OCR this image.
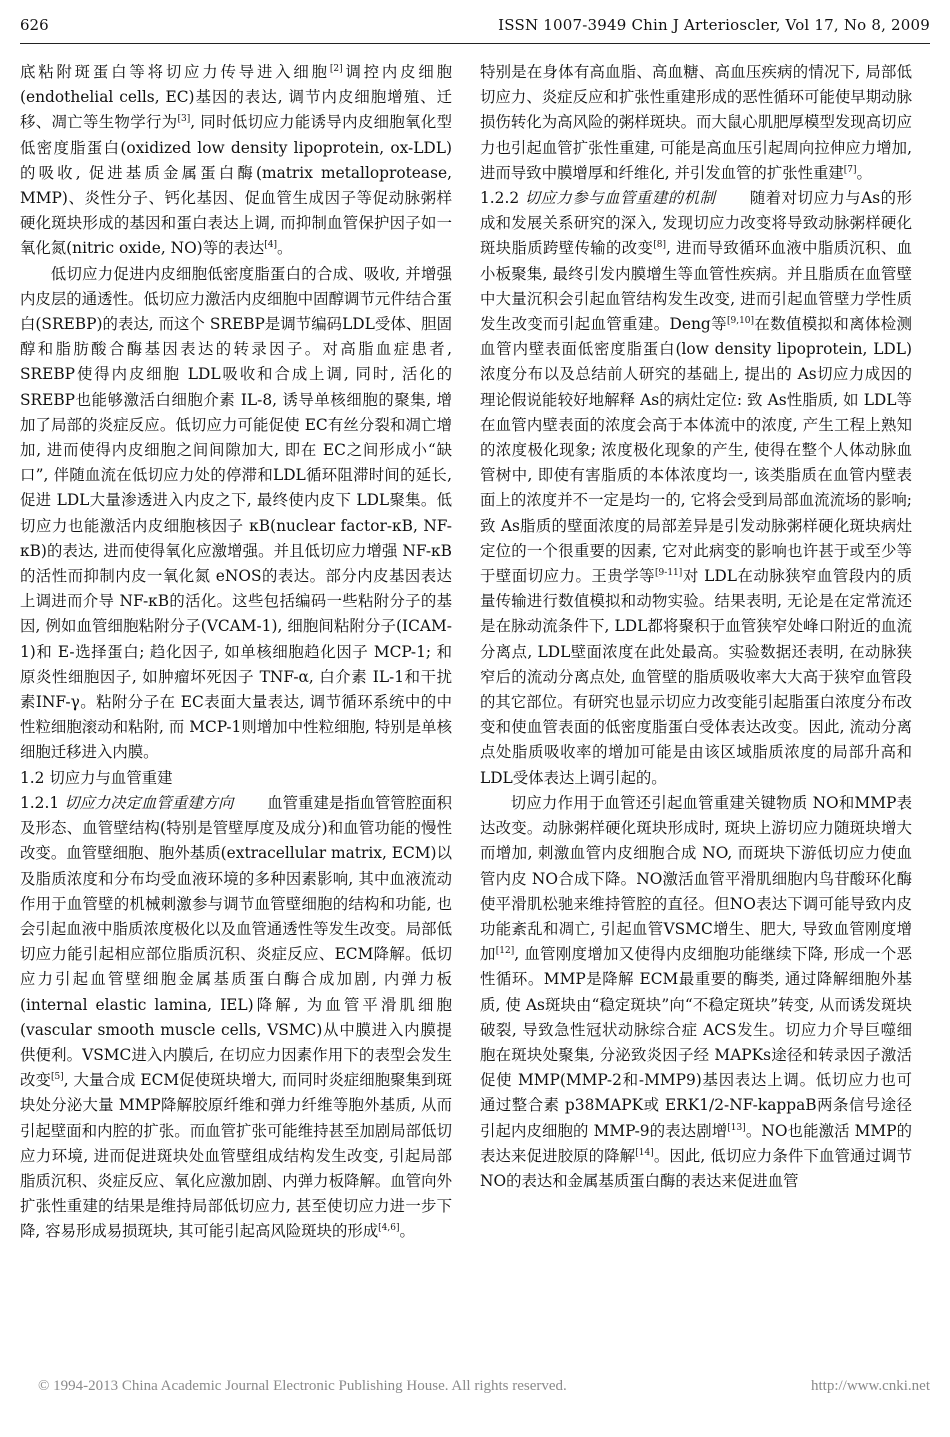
626	ISSN 1007-3949 Chin J Arterioscler, Vol 17, No 8, 2009

底粘附斑蛋白等将切应力传导进入细胞[2]调控内皮细胞(endothelial cells, EC)基因的表达, 调节内皮细胞增殖、迁移、凋亡等生物学行为[3], 同时低切应力能诱导内皮细胞氧化型低密度脂蛋白(oxidized low density lipoprotein, ox-LDL)的吸收, 促进基质金属蛋白酶(matrix metalloprotease, MMP)、炎性分子、钙化基因、促血管生成因子等促动脉粥样硬化斑块形成的基因和蛋白表达上调, 而抑制血管保护因子如一氧化氮(nitric oxide, NO)等的表达[4]。

低切应力促进内皮细胞低密度脂蛋白的合成、吸收, 并增强内皮层的通透性。低切应力激活内皮细胞中固醇调节元件结合蛋白(SREBP)的表达, 而这个 SREBP是调节编码LDL受体、胆固醇和脂肪酸合酶基因表达的转录因子。对高脂血症患者, SREBP使得内皮细胞 LDL吸收和合成上调, 同时, 活化的 SREBP也能够激活白细胞介素 IL-8, 诱导单核细胞的聚集, 增加了局部的炎症反应。低切应力可能促使 EC有丝分裂和凋亡增加, 进而使得内皮细胞之间间隙加大, 即在 EC之间形成小“缺口”, 伴随血流在低切应力处的停滞和LDL循环阻滞时间的延长, 促进 LDL大量渗透进入内皮之下, 最终使内皮下 LDL聚集。低切应力也能激活内皮细胞核因子 κB(nuclear factor-κB, NF-κB)的表达, 进而使得氧化应激增强。并且低切应力增强 NF-κB的活性而抑制内皮一氧化氮 eNOS的表达。部分内皮基因表达上调进而介导 NF-κB的活化。这些包括编码一些粘附分子的基因, 例如血管细胞粘附分子(VCAM-1), 细胞间粘附分子(ICAM-1)和 E-选择蛋白; 趋化因子, 如单核细胞趋化因子 MCP-1; 和原炎性细胞因子, 如肿瘤坏死因子 TNF-α, 白介素 IL-1和干扰素INF-γ。粘附分子在 EC表面大量表达, 调节循环系统中的中性粒细胞滚动和粘附, 而 MCP-1则增加中性粒细胞, 特别是单核细胞迁移进入内膜。

1.2 切应力与血管重建

1.2.1 切应力决定血管重建方向 血管重建是指血管管腔面积及形态、血管壁结构(特别是管壁厚度及成分)和血管功能的慢性改变。血管壁细胞、胞外基质(extracellular matrix, ECM)以及脂质浓度和分布均受血液环境的多种因素影响, 其中血液流动作用于血管壁的机械刺激参与调节血管壁细胞的结构和功能, 也会引起血液中脂质浓度极化以及血管通透性等发生改变。局部低切应力能引起相应部位脂质沉积、炎症反应、ECM降解。低切应力引起血管壁细胞金属基质蛋白酶合成加剧, 内弹力板(internal elastic lamina, IEL)降解, 为血管平滑肌细胞(vascular smooth muscle cells, VSMC)从中膜进入内膜提供便利。VSMC进入内膜后, 在切应力因素作用下的表型会发生改变[5], 大量合成 ECM促使斑块增大, 而同时炎症细胞聚集到斑块处分泌大量 MMP降解胶原纤维和弹力纤维等胞外基质, 从而引起壁面和内腔的扩张。而血管扩张可能维持甚至加剧局部低切应力环境, 进而促进斑块处血管壁组成结构发生改变, 引起局部脂质沉积、炎症反应、氧化应激加剧、内弹力板降解。血管向外扩张性重建的结果是维持局部低切应力, 甚至使切应力进一步下降, 容易形成易损斑块, 其可能引起高风险斑块的形成[4,6]。

特别是在身体有高血脂、高血糖、高血压疾病的情况下, 局部低切应力、炎症反应和扩张性重建形成的恶性循环可能使早期动脉损伤转化为高风险的粥样斑块。而大鼠心肌肥厚模型发现高切应力也引起血管扩张性重建, 可能是高血压引起周向拉伸应力增加, 进而导致中膜增厚和纤维化, 并引发血管的扩张性重建[7]。

1.2.2 切应力参与血管重建的机制 随着对切应力与As的形成和发展关系研究的深入, 发现切应力改变将导致动脉粥样硬化斑块脂质跨壁传输的改变[8], 进而导致循环血液中脂质沉积、血小板聚集, 最终引发内膜增生等血管性疾病。并且脂质在血管壁中大量沉积会引起血管结构发生改变, 进而引起血管壁力学性质发生改变而引起血管重建。Deng等[9,10]在数值模拟和离体检测血管内壁表面低密度脂蛋白(low density lipoprotein, LDL)浓度分布以及总结前人研究的基础上, 提出的 As切应力成因的理论假说能较好地解释 As的病灶定位: 致 As性脂质, 如 LDL等在血管内壁表面的浓度会高于本体流中的浓度, 产生工程上熟知的浓度极化现象; 浓度极化现象的产生, 使得在整个人体动脉血管树中, 即使有害脂质的本体浓度均一, 该类脂质在血管内壁表面上的浓度并不一定是均一的, 它将会受到局部血流流场的影响; 致 As脂质的壁面浓度的局部差异是引发动脉粥样硬化斑块病灶定位的一个很重要的因素, 它对此病变的影响也许甚于或至少等于壁面切应力。王贵学等[9-11]对 LDL在动脉狭窄血管段内的质量传输进行数值模拟和动物实验。结果表明, 无论是在定常流还是在脉动流条件下, LDL都将聚积于血管狭窄处峰口附近的血流分离点, LDL壁面浓度在此处最高。实验数据还表明, 在动脉狭窄后的流动分离点处, 血管壁的脂质吸收率大大高于狭窄血管段的其它部位。有研究也显示切应力改变能引起脂蛋白浓度分布改变和使血管表面的低密度脂蛋白受体表达改变。因此, 流动分离点处脂质吸收率的增加可能是由该区域脂质浓度的局部升高和LDL受体表达上调引起的。

切应力作用于血管还引起血管重建关键物质 NO和MMP表达改变。动脉粥样硬化斑块形成时, 斑块上游切应力随斑块增大而增加, 刺激血管内皮细胞合成 NO, 而斑块下游低切应力使血管内皮 NO合成下降。NO激活血管平滑肌细胞内鸟苷酸环化酶使平滑肌松驰来维持管腔的直径。但NO表达下调可能导致内皮功能紊乱和凋亡, 引起血管VSMC增生、肥大, 导致血管刚度增加[12], 血管刚度增加又使得内皮细胞功能继续下降, 形成一个恶性循环。MMP是降解 ECM最重要的酶类, 通过降解细胞外基质, 使 As斑块由“稳定斑块”向“不稳定斑块”转变, 从而诱发斑块破裂, 导致急性冠状动脉综合症 ACS发生。切应力介导巨噬细胞在斑块处聚集, 分泌致炎因子经 MAPKs途径和转录因子激活促使 MMP(MMP-2和-MMP9)基因表达上调。低切应力也可通过整合素 p38MAPK或 ERK1/2-NF-kappaB两条信号途径引起内皮细胞的 MMP-9的表达剧增[13]。NO也能激活 MMP的表达来促进胶原的降解[14]。因此, 低切应力条件下血管通过调节 NO的表达和金属基质蛋白酶的表达来促进血管

© 1994-2013 China Academic Journal Electronic Publishing House. All rights reserved.	http://www.cnki.net
